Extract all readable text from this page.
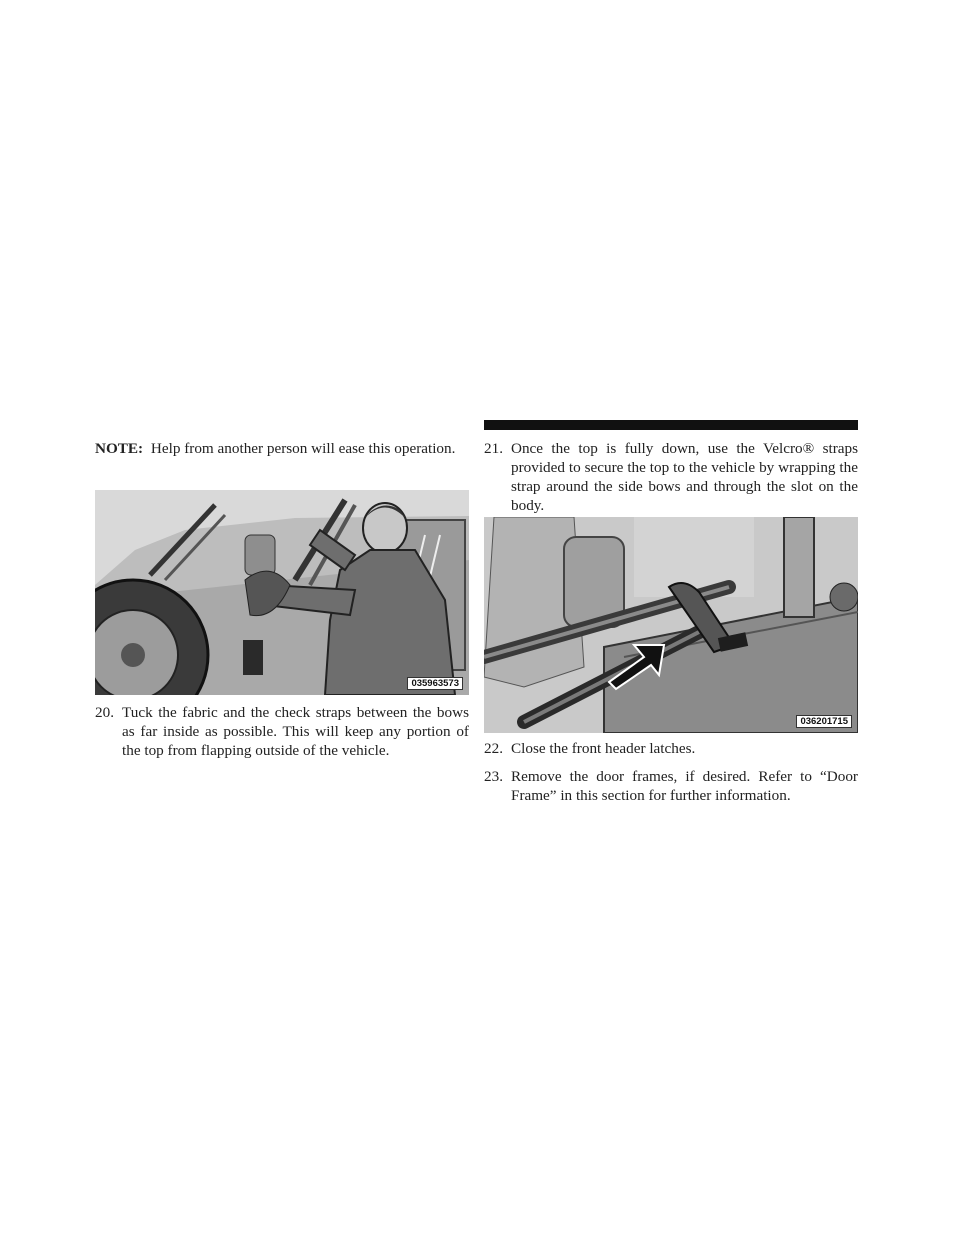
NOTE: Help from another person will ease this operation.
035963573
20. Tuck the fabric and the check straps between the bows as far inside as possible. This will keep any portion of the top from flapping outside of the vehicle.
21. Once the top is fully down, use the Velcro® straps provided to secure the top to the vehicle by wrapping the strap around the side bows and through the slot on the body.
036201715
22. Close the front header latches.
23. Remove the door frames, if desired. Refer to “Door Frame” in this section for further information.
